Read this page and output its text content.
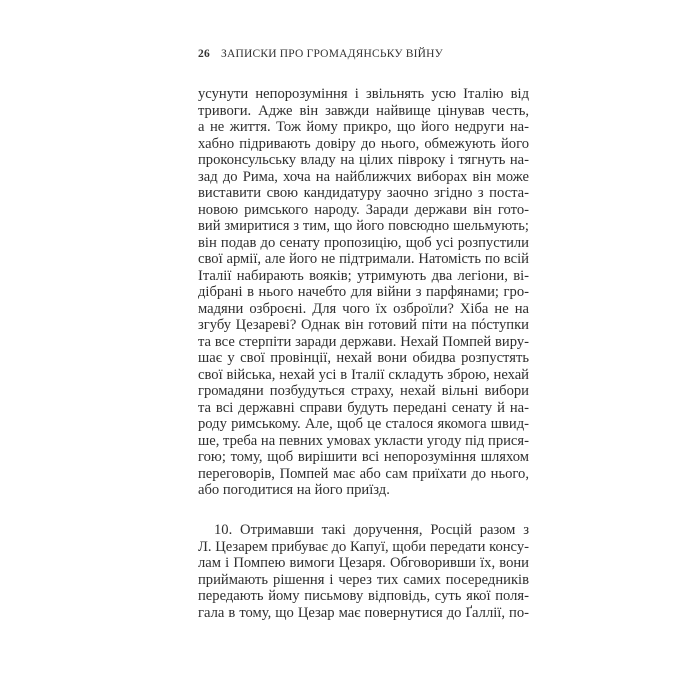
26 ЗАПИСКИ ПРО ГРОМАДЯНСЬКУ ВІЙНУ
усунути непорозуміння і звільнять усю Італію від
тривоги. Адже він завжди найвище цінував честь,
а не життя. Тож йому прикро, що його недруги на-
хабно підривають довіру до нього, обмежують його
проконсульську владу на цілих півроку і тягнуть на-
зад до Рима, хоча на найближчих виборах він може
виставити свою кандидатуру заочно згідно з поста-
новою римського народу. Заради держави він гото-
вий змиритися з тим, що його повсюдно шельмують;
він подав до сенату пропозицію, щоб усі розпустили
свої армії, але його не підтримали. Натомість по всій
Італії набирають вояків; утримують два легіони, ві-
дібрані в нього начебто для війни з парфянами; гро-
мадяни озброєні. Для чого їх озброїли? Хіба не на
згубу Цезареві? Однак він готовий піти на пóступки
та все стерпіти заради держави. Нехай Помпей виру-
шає у свої провінції, нехай вони обидва розпустять
свої війська, нехай усі в Італії складуть зброю, нехай
громадяни позбудуться страху, нехай вільні вибори
та всі державні справи будуть передані сенату й на-
роду римському. Але, щоб це сталося якомога швид-
ше, треба на певних умовах укласти угоду під прися-
гою; тому, щоб вирішити всі непорозуміння шляхом
переговорів, Помпей має або сам приїхати до нього,
або погодитися на його приїзд.
10. Отримавши такі доручення, Росцій разом з
Л. Цезарем прибуває до Капуї, щоби передати консу-
лам і Помпею вимоги Цезаря. Обговоривши їх, вони
приймають рішення і через тих самих посередників
передають йому письмову відповідь, суть якої поля-
гала в тому, що Цезар має повернутися до Ґаллії, по-
